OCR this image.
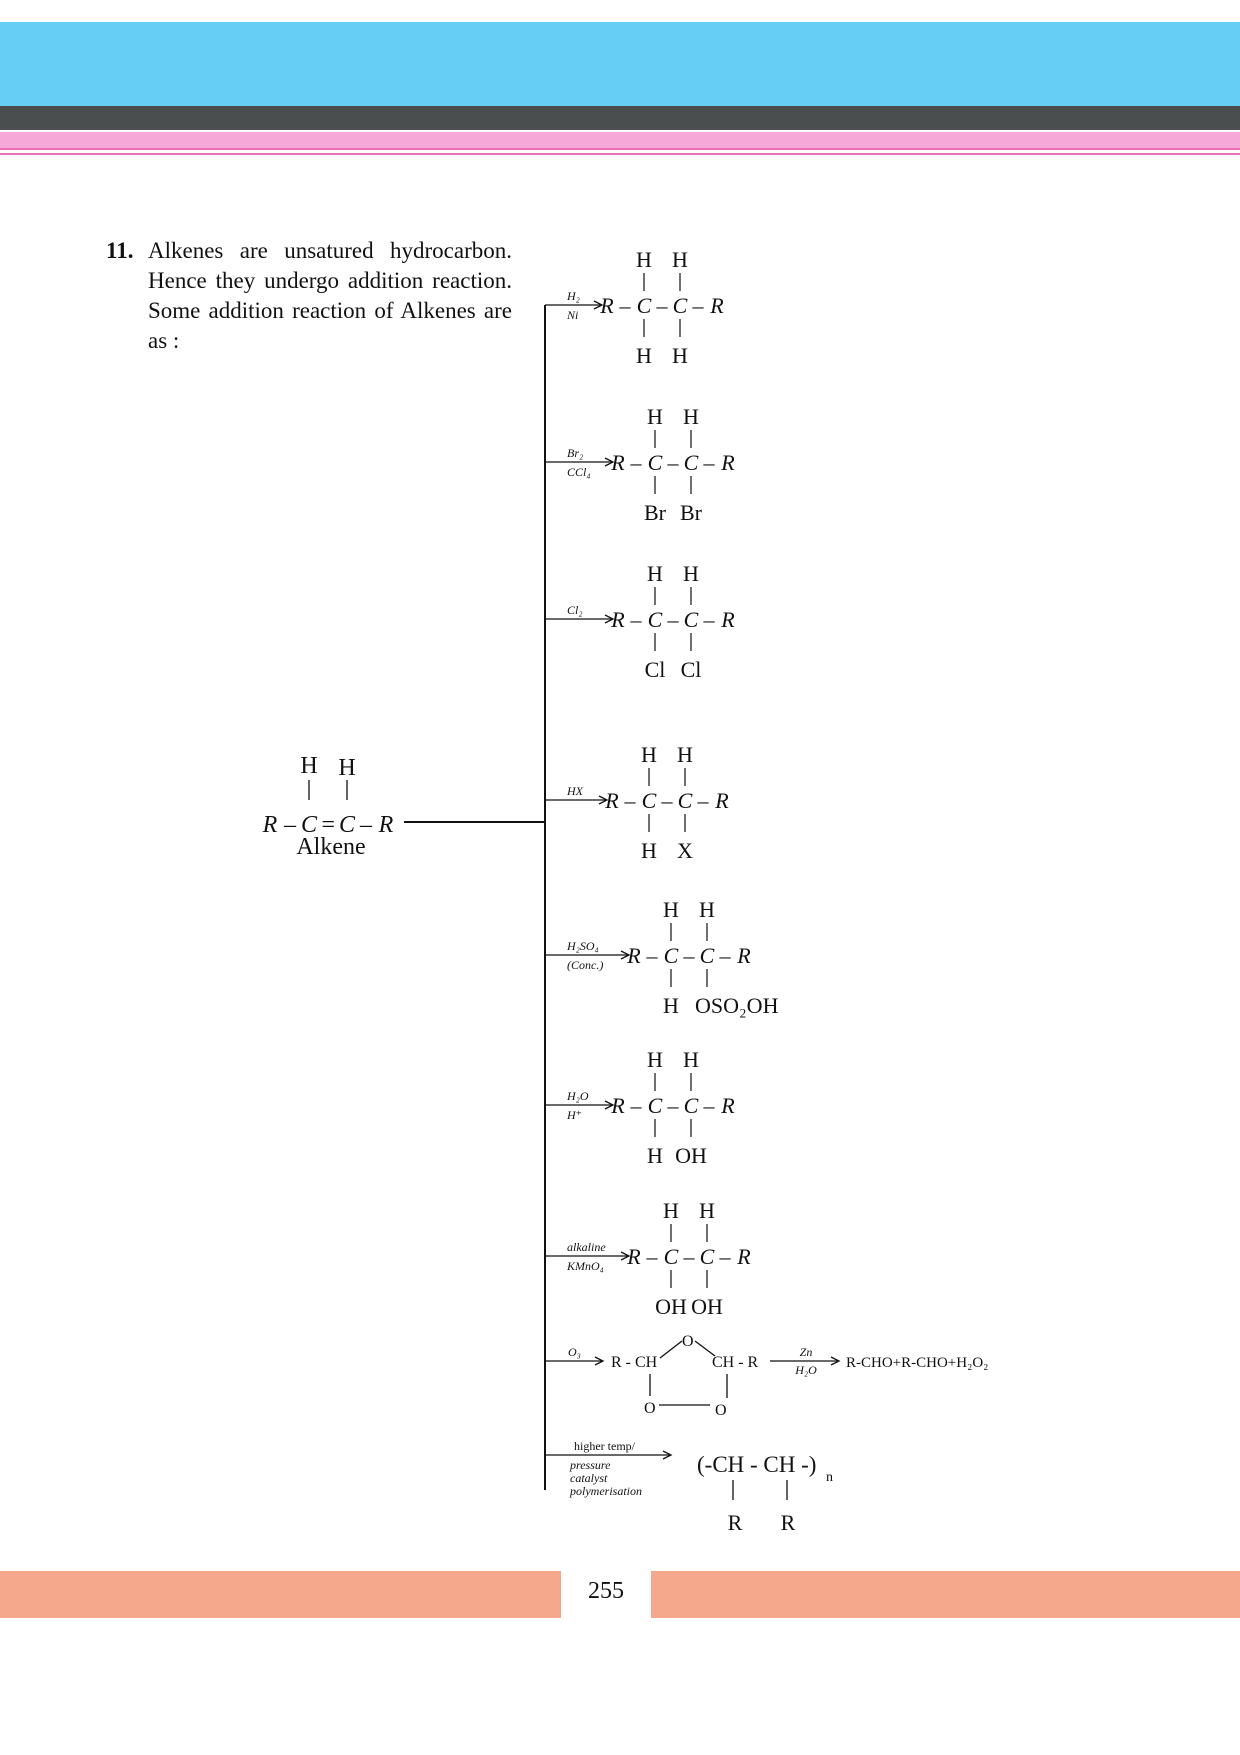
11. Alkenes are unsatured hydrocarbon. Hence they undergo addition reaction. Some addition reaction of Alkenes are as :
H H
R – C = C – R
Alkene
H₂
Ni R – C – C – R
H H
H H
Br₂
CCl₄ R – C – C – R
H H
Br Br
Cl₂ R – C – C – R
H H
Cl Cl
HX R – C – C – R
H H
H X
H₂SO₄
(Conc.) R – C – C – R
H H
H OSO₂OH
H₂O
H⁺ R – C – C – R
H H
H OH
alkaline
KMnO₄ R – C – C – R
H H
OH OH
O₃
R - CH	CH - R
O
O	O
Zn
H₂O R-CHO+R-CHO+H₂O₂
higher temp/
pressure
catalyst
polymerisation
(-CH - CH -)
n
R R
255
